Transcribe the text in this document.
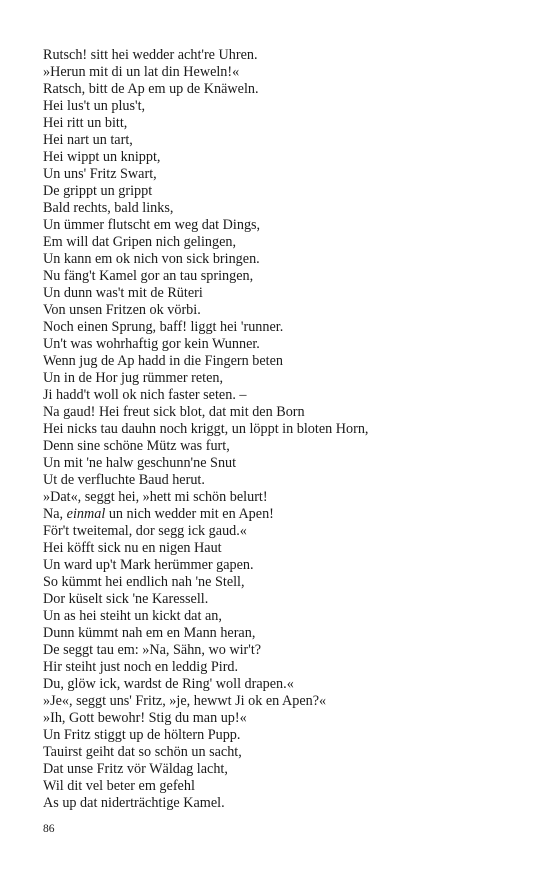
Rutsch! sitt hei wedder acht're Uhren.
»Herun mit di un lat din Heweln!«
Ratsch, bitt de Ap em up de Knäweln.
Hei lus't un plus't,
Hei ritt un bitt,
Hei nart un tart,
Hei wippt un knippt,
Un uns' Fritz Swart,
De grippt un grippt
Bald rechts, bald links,
Un ümmer flutscht em weg dat Dings,
Em will dat Gripen nich gelingen,
Un kann em ok nich von sick bringen.
Nu fäng't Kamel gor an tau springen,
Un dunn was't mit de Rüteri
Von unsen Fritzen ok vörbi.
Noch einen Sprung, baff! liggt hei 'runner.
Un't was wohrhaftig gor kein Wunner.
Wenn jug de Ap hadd in die Fingern beten
Un in de Hor jug rümmer reten,
Ji hadd't woll ok nich faster seten. –
Na gaud! Hei freut sick blot, dat mit den Born
Hei nicks tau dauhn noch kriggt, un löppt in bloten Horn,
Denn sine schöne Mütz was furt,
Un mit 'ne halw geschunn'ne Snut
Ut de verfluchte Baud herut.
»Dat«, seggt hei, »hett mi schön belurt!
Na, einmal un nich wedder mit en Apen!
För't tweitemal, dor segg ick gaud.«
Hei köfft sick nu en nigen Haut
Un ward up't Mark herümmer gapen.
So kümmt hei endlich nah 'ne Stell,
Dor küselt sick 'ne Karessell.
Un as hei steiht un kickt dat an,
Dunn kümmt nah em en Mann heran,
De seggt tau em: »Na, Sähn, wo wir't?
Hir steiht just noch en leddig Pird.
Du, glöw ick, wardst de Ring' woll drapen.«
»Je«, seggt uns' Fritz, »je, hewwt Ji ok en Apen?«
»Ih, Gott bewohr! Stig du man up!«
Un Fritz stiggt up de höltern Pupp.
Tauirst geiht dat so schön un sacht,
Dat unse Fritz vör Wäldag lacht,
Wil dit vel beter em gefehl
As up dat niderträchtige Kamel.
86
